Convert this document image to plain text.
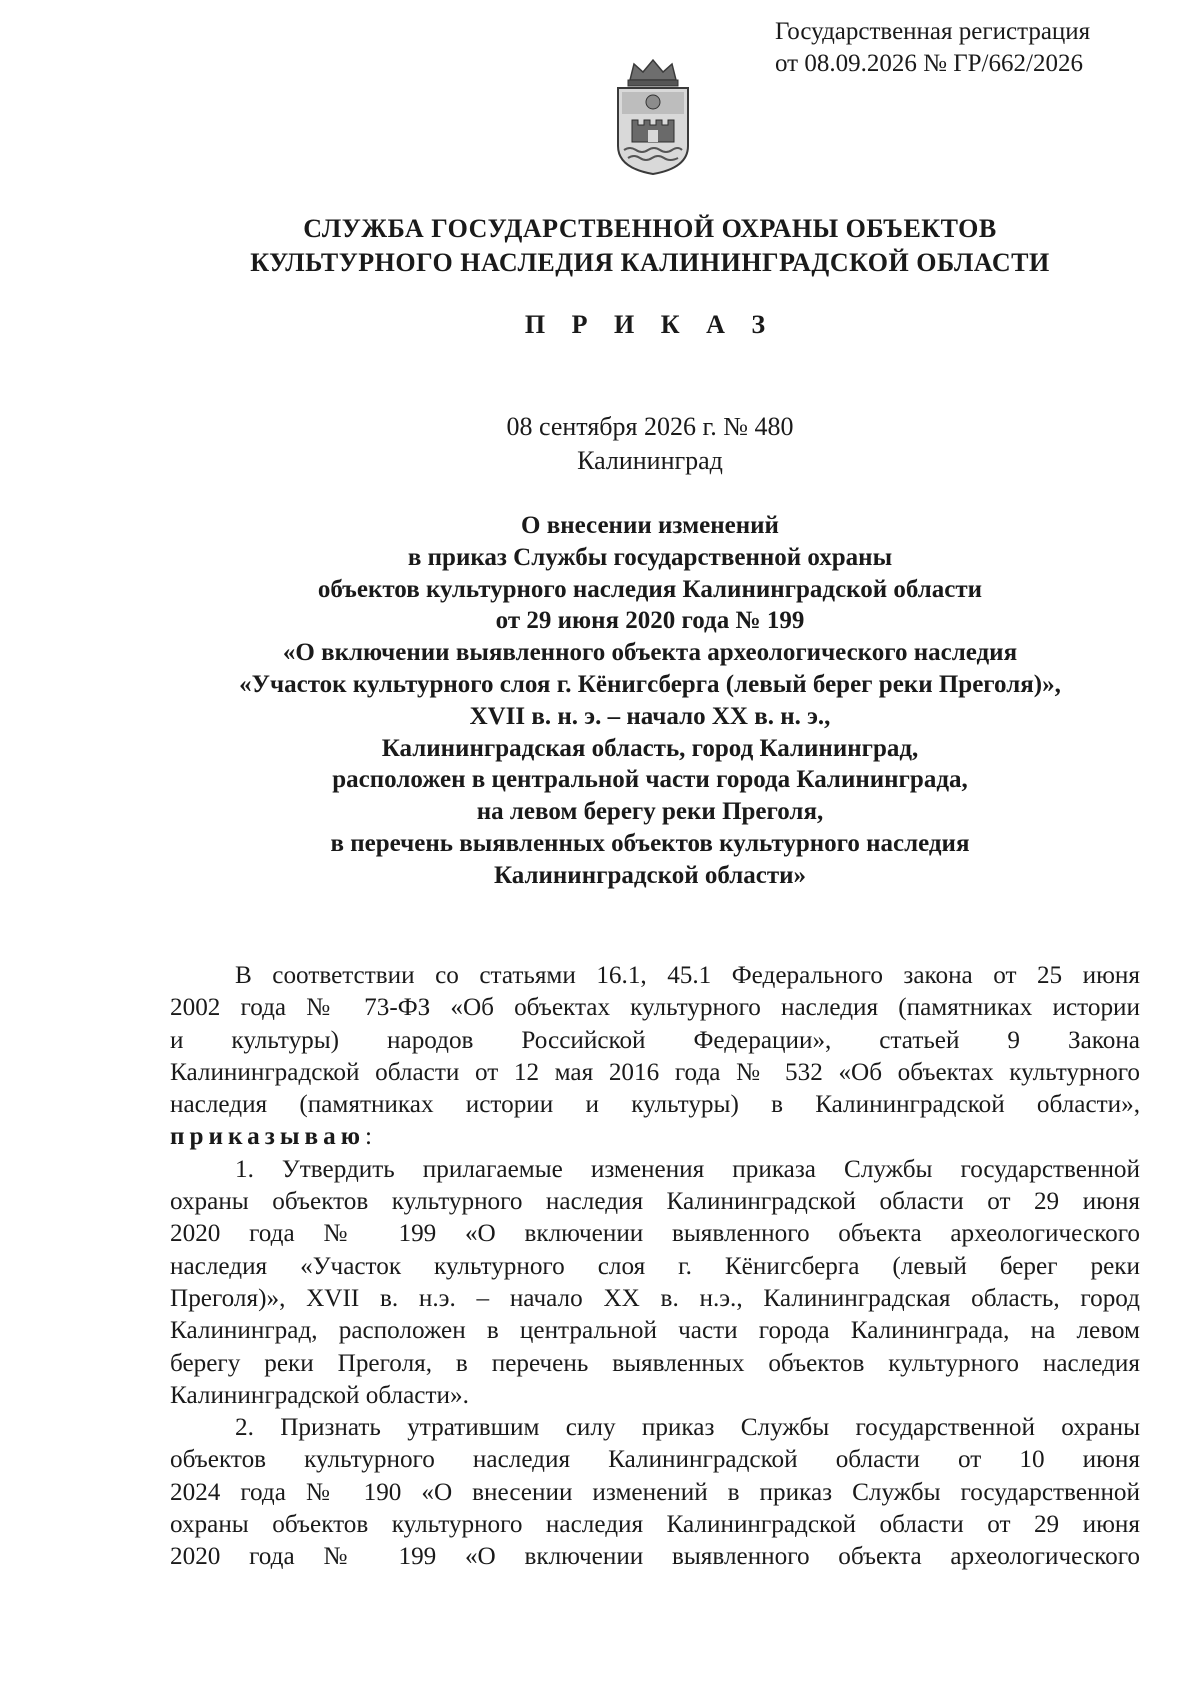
Государственная регистрация
от 08.09.2026 № ГР/662/2026
СЛУЖБА ГОСУДАРСТВЕННОЙ ОХРАНЫ ОБЪЕКТОВ
КУЛЬТУРНОГО НАСЛЕДИЯ КАЛИНИНГРАДСКОЙ ОБЛАСТИ
П Р И К А З
08 сентября 2026 г. № 480
Калининград
О внесении изменений
в приказ Службы государственной охраны
объектов культурного наследия Калининградской области
от 29 июня 2020 года № 199
«О включении выявленного объекта археологического наследия
«Участок культурного слоя г. Кёнигсберга (левый берег реки Преголя)»,
XVII в. н. э. – начало XX в. н. э.,
Калининградская область, город Калининград,
расположен в центральной части города Калининграда,
на левом берегу реки Преголя,
в перечень выявленных объектов культурного наследия
Калининградской области»
В соответствии со статьями 16.1, 45.1 Федерального закона от 25 июня
2002 года № 73-ФЗ «Об объектах культурного наследия (памятниках истории
и культуры) народов Российской Федерации», статьей 9 Закона
Калининградской области от 12 мая 2016 года № 532 «Об объектах культурного
наследия (памятниках истории и культуры) в Калининградской области»,
приказываю:
1. Утвердить прилагаемые изменения приказа Службы государственной
охраны объектов культурного наследия Калининградской области от 29 июня
2020 года № 199 «О включении выявленного объекта археологического
наследия «Участок культурного слоя г. Кёнигсберга (левый берег реки
Преголя)», XVII в. н.э. – начало XX в. н.э., Калининградская область, город
Калининград, расположен в центральной части города Калининграда, на левом
берегу реки Преголя, в перечень выявленных объектов культурного наследия
Калининградской области».
2. Признать утратившим силу приказ Службы государственной охраны
объектов культурного наследия Калининградской области от 10 июня
2024 года № 190 «О внесении изменений в приказ Службы государственной
охраны объектов культурного наследия Калининградской области от 29 июня
2020 года № 199 «О включении выявленного объекта археологического
